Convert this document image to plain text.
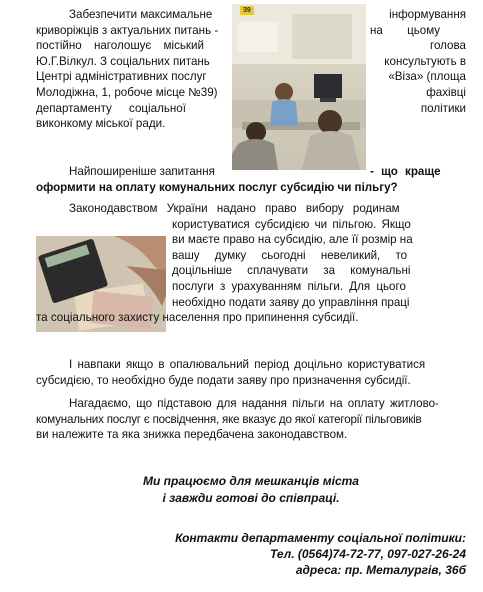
39
Забезпечити максимальне	інформування
криворіжців з актуальних питань -	на цьому
постійно наголошує міський	голова
Ю.Г.Вілкул. З соціальних питань	консультують в
Центрі адміністративних послуг	«Віза» (площа
Молодіжна, 1, робоче місце №39)	фахівці
департаменту соціальної	політики
виконкому міської ради.
Найпоширеніше запитання	- що краще
оформити на оплату комунальних послуг субсидію чи пільгу?
Законодавством України надано право вибору родинам
користуватися субсидією чи пільгою. Якщо
ви маєте право на субсидію, але її розмір на
вашу думку сьогодні невеликий, то
доцільніше сплачувати за комунальні
послуги з урахуванням пільги. Для цього
необхідно подати заяву до управління праці
та соціального захисту населення про припинення субсидії.
І навпаки якщо в опалювальний період доцільно користуватися
субсидією, то необхідно буде подати заяву про призначення субсидії.
Нагадаємо, що підставою для надання пільги на оплату житлово-
комунальних послуг є посвідчення, яке вказує до якої категорії пільговиків
ви належите та яка знижка передбачена законодавством.
Ми працюємо для мешканців міста
і завжди готові до співпраці.
Контакти департаменту соціальної політики:
Тел. (0564)74-72-77, 097-027-26-24
адреса: пр. Металургів, 36б
